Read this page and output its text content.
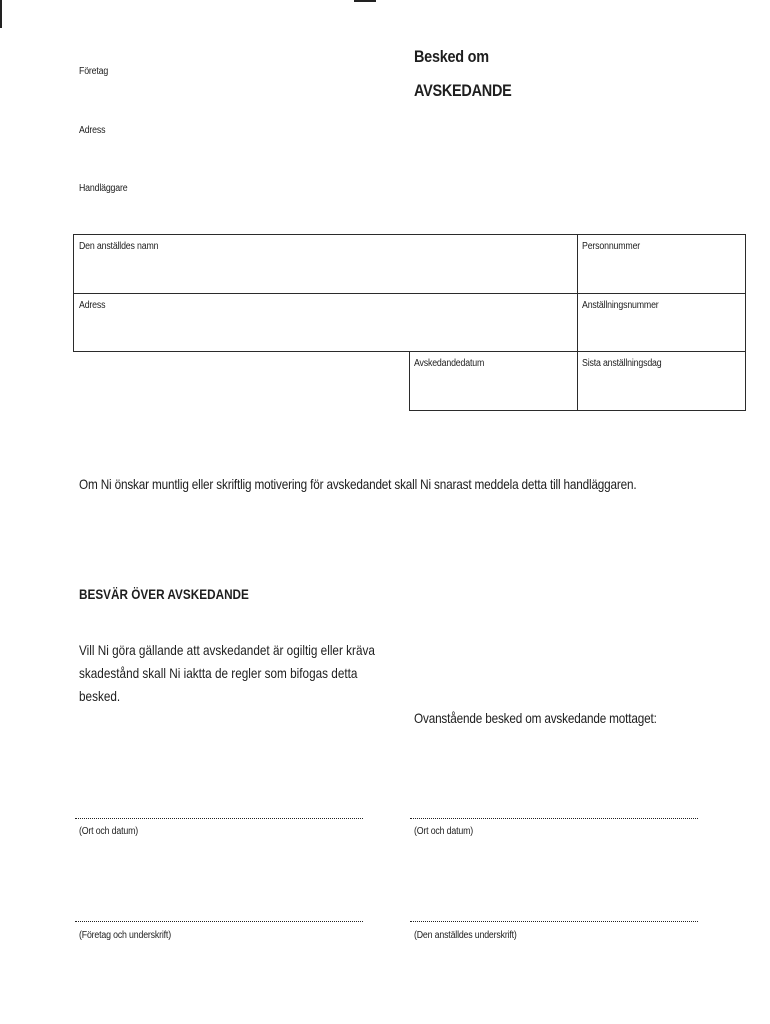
Besked om
AVSKEDANDE
Företag
Adress
Handläggare
Den anställdes namn	Personnummer
Adress	Anställningsnummer
Avskedandedatum	Sista anställningsdag
Om Ni önskar muntlig eller skriftlig motivering för avskedandet skall Ni snarast meddela detta till handläggaren.
BESVÄR ÖVER AVSKEDANDE
Vill Ni göra gällande att avskedandet är ogiltig eller kräva
skadestånd skall Ni iaktta de regler som bifogas detta
besked.
Ovanstående besked om avskedande mottaget:
(Ort och datum)	(Ort och datum)
(Företag och underskrift)	(Den anställdes underskrift)
